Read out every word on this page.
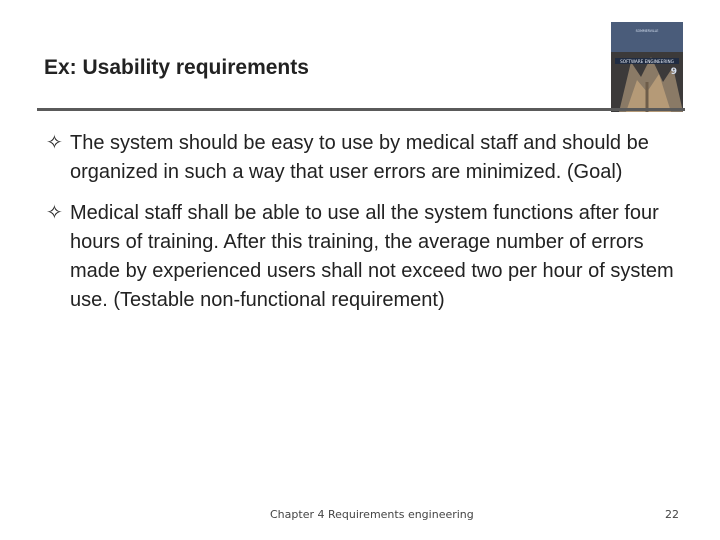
Ex: Usability requirements	SOFTWARE ENGINEERING
9
SOMMERVILLE
✧ The system should be easy to use by medical staff and should be organized in such a way that user errors are minimized. (Goal)
✧ Medical staff shall be able to use all the system functions after four hours of training. After this training, the average number of errors made by experienced users shall not exceed two per hour of system use. (Testable non-functional requirement)
Chapter 4 Requirements engineering	22
